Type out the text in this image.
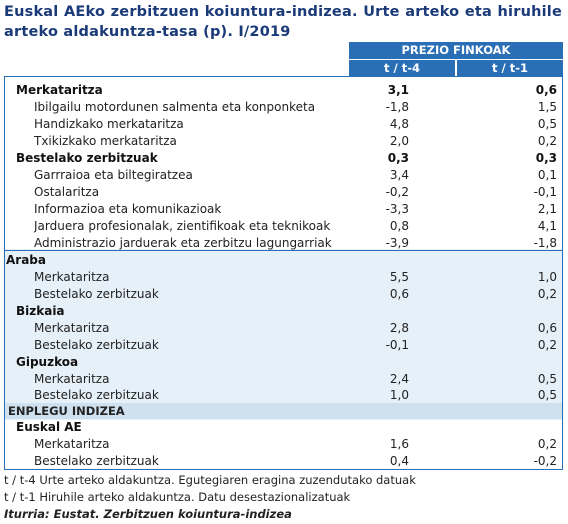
Euskal AEko zerbitzuen koiuntura-indizea. Urte arteko eta hiruhile arteko aldakuntza-tasa (p). I/2019
PREZIO FINKOAK
t / t-4	t / t-1
Merkataritza	3,1	0,6
Ibilgailu motordunen salmenta eta konponketa	-1,8	1,5
Handizkako merkataritza	4,8	0,5
Txikizkako merkataritza	2,0	0,2
Bestelako zerbitzuak	0,3	0,3
Garrraioa eta biltegiratzea	3,4	0,1
Ostalaritza	-0,2	-0,1
Informazioa eta komunikazioak	-3,3	2,1
Jarduera profesionalak, zientifikoak eta teknikoak	0,8	4,1
Administrazio jarduerak eta zerbitzu lagungarriak	-3,9	-1,8
Araba
Merkataritza	5,5	1,0
Bestelako zerbitzuak	0,6	0,2
Bizkaia
Merkataritza	2,8	0,6
Bestelako zerbitzuak	-0,1	0,2
Gipuzkoa
Merkataritza	2,4	0,5
Bestelako zerbitzuak	1,0	0,5
ENPLEGU INDIZEA
Euskal AE
Merkataritza	1,6	0,2
Bestelako zerbitzuak	0,4	-0,2
t / t-4 Urte arteko aldakuntza. Egutegiaren eragina zuzendutako datuak
t / t-1 Hiruhile arteko aldakuntza. Datu desestazionalizatuak
Iturria: Eustat. Zerbitzuen koiuntura-indizea
